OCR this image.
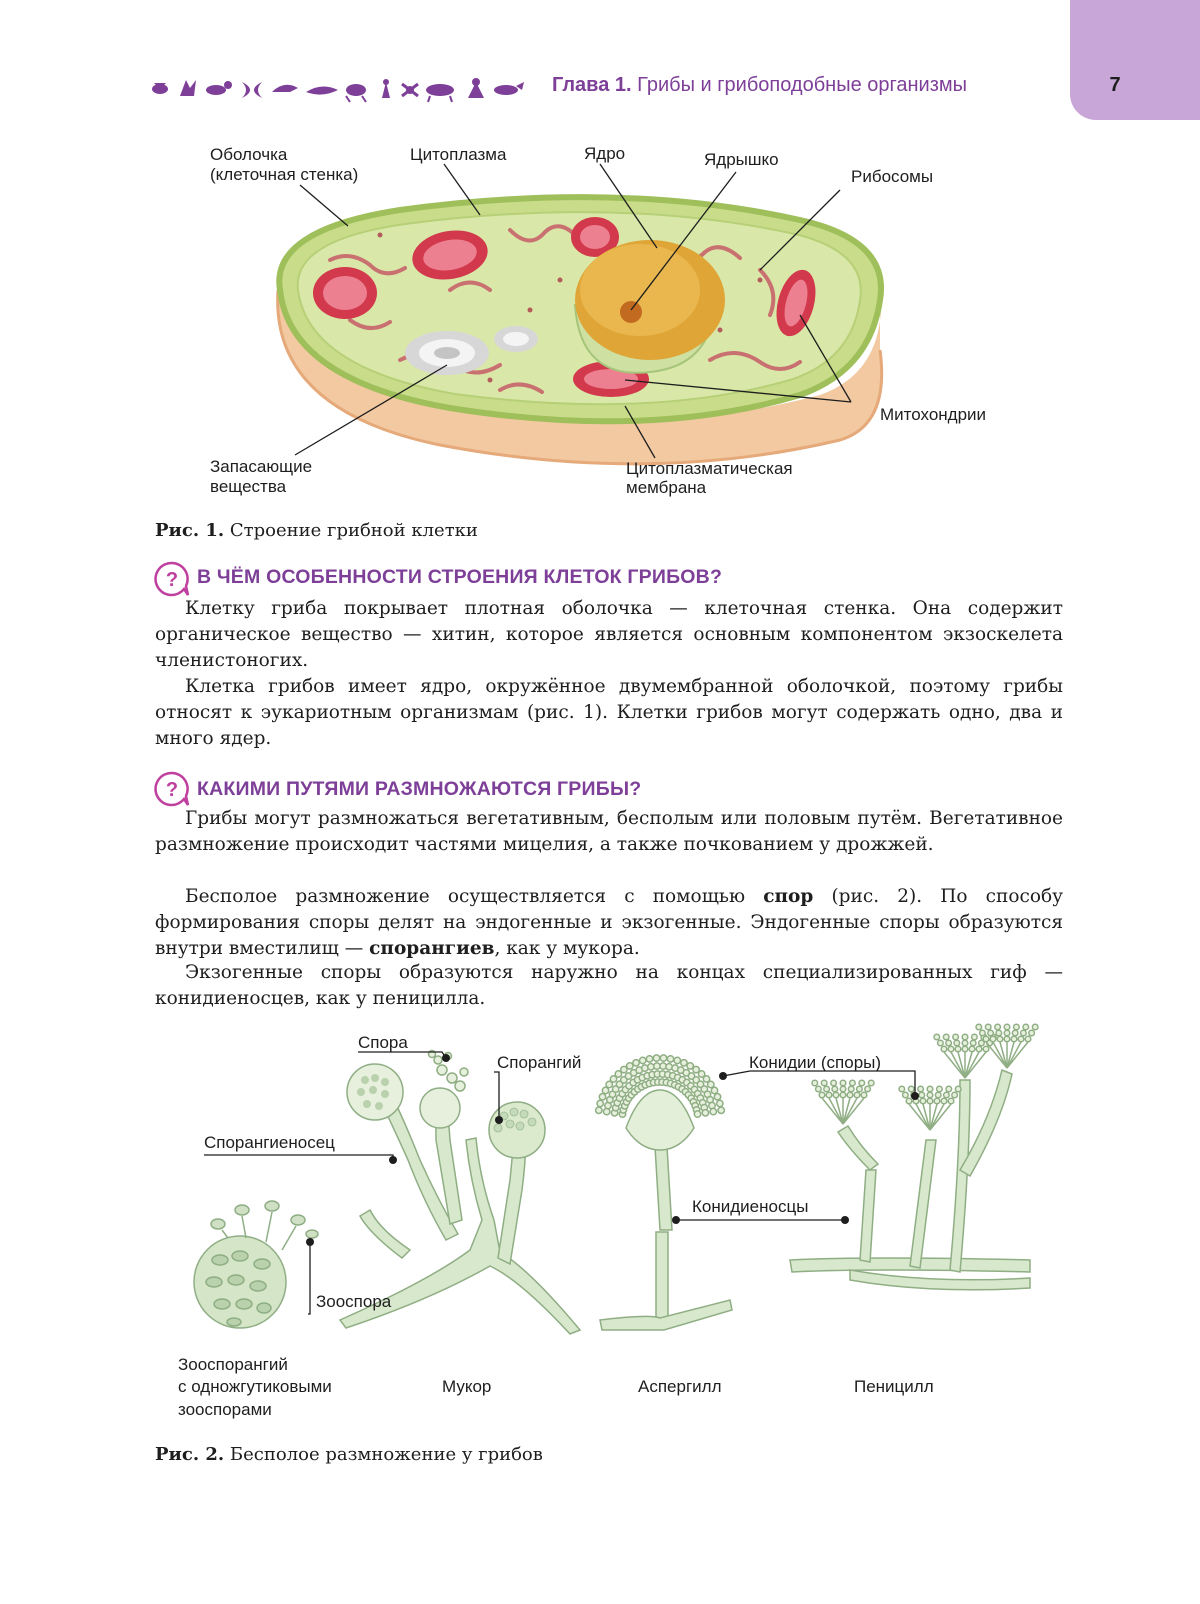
7
Глава 1. Грибы и грибоподобные организмы
Оболочка
(клеточная стенка)
Цитоплазма	Ядро	Ядрышко
Рибосомы
Митохондрии
Запасающие
вещества
Цитоплазматическая
мембрана
Рис. 1. Строение грибной клетки
? В ЧЁМ ОСОБЕННОСТИ СТРОЕНИЯ КЛЕТОК ГРИБОВ?

Клетку гриба покрывает плотная оболочка — клеточная стенка. Она содержит органическое вещество — хитин, которое является основным компонентом экзоскелета членистоногих.

Клетка грибов имеет ядро, окружённое двумембранной оболочкой, поэтому грибы относят к эукариотным организмам (рис. 1). Клетки грибов могут содержать одно, два и много ядер.

? КАКИМИ ПУТЯМИ РАЗМНОЖАЮТСЯ ГРИБЫ?

Грибы могут размножаться вегетативным, бесполым или половым путём. Вегетативное размножение происходит частями мицелия, а также почкованием у дрожжей.

Бесполое размножение осуществляется с помощью спор (рис. 2). По способу формирования споры делят на эндогенные и экзогенные. Эндогенные споры образуются внутри вместилищ — спорангиев, как у мукора.

Экзогенные споры образуются наружно на концах специализированных гиф — конидиеносцев, как у пеницилла.

Спора
Спорангий	Конидии (споры)
Спорангиеносец
Конидиеносцы
Зооспора
Зооспорангий
с одножгутиковыми
зооспорами
Мукор	Аспергилл	Пеницилл
Рис. 2. Бесполое размножение у грибов
